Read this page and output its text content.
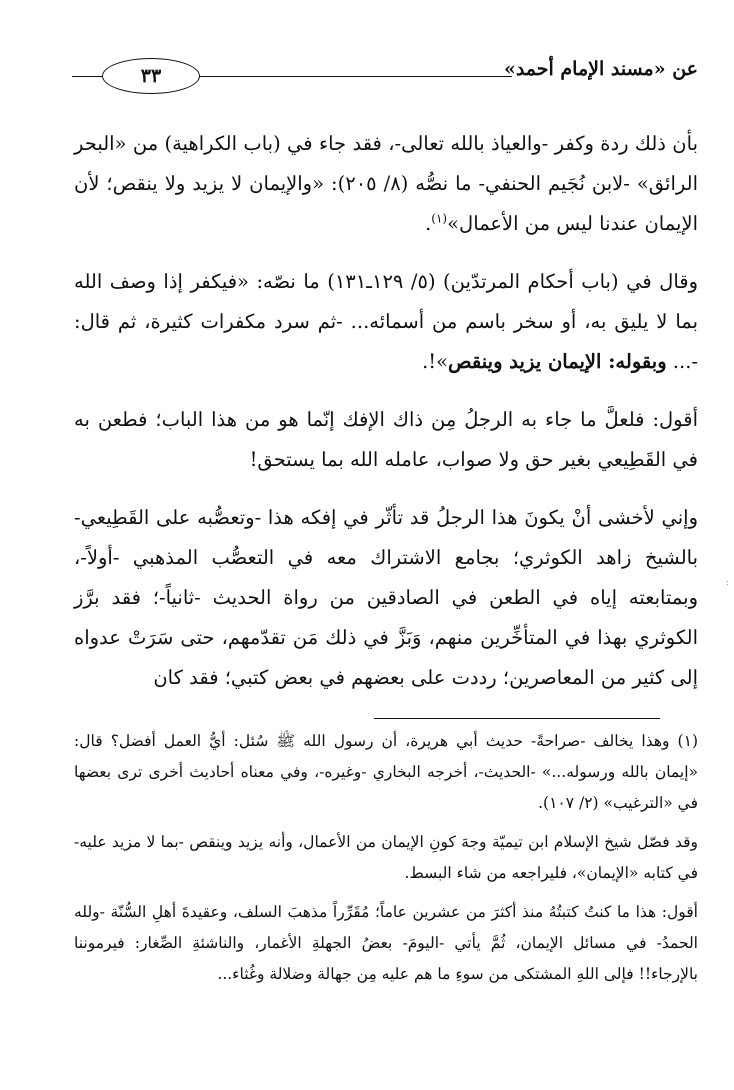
عن «مسند الإمام أحمد»
٣٣

بأن ذلك ردة وكفر -والعياذ بالله تعالى-، فقد جاء في (باب الكراهية) من «البحر الرائق» -لابن نُجَيم الحنفي- ما نصُّه (٨/ ٢٠٥): «والإيمان لا يزيد ولا ينقص؛ لأن الإيمان عندنا ليس من الأعمال»$^{(١)}$.

وقال في (باب أحكام المرتدّين) (٥/ ١٢٩ـ١٣١) ما نصّه: «فيكفر إذا وصف الله بما لا يليق به، أو سخر باسم من أسمائه... -ثم سرد مكفرات كثيرة، ثم قال: -... وبقوله: الإيمان يزيد وينقص»!.

أقول: فلعلَّ ما جاء به الرجلُ مِن ذاك الإفك إنّما هو من هذا الباب؛ فطعن به في القَطِيعي بغير حق ولا صواب، عامله الله بما يستحق!

وإني لأخشى أنْ يكونَ هذا الرجلُ قد تأثّر في إفكه هذا -وتعصُّبه على القَطِيعي- بالشيخ زاهد الكوثري؛ بجامع الاشتراك معه في التعصُّب المذهبي -أولاً-، وبمتابعته إياه في الطعن في الصادقين من رواة الحديث -ثانياً-؛ فقد برَّز الكوثري بهذا في المتأخِّرين منهم، وَبَزَّ في ذلك مَن تقدّمهم، حتى سَرَتْ عدواه إلى كثير من المعاصرين؛ رددت على بعضهم في بعض كتبي؛ فقد كان

(١) وهذا يخالف -صراحةً- حديث أبي هريرة، أن رسول الله ﷺ سُئل: أيُّ العمل أفضل؟ قال: «إيمان بالله ورسوله...» -الحديث-، أخرجه البخاري -وغيره-، وفي معناه أحاديث أخرى ترى بعضها في «الترغيب» (٢/ ١٠٧).

وقد فصّل شيخ الإسلام ابن تيميّة وجهَ كونِ الإيمان من الأعمال، وأنه يزيد وينقص -بما لا مزيد عليه- في كتابه «الإيمان»، فليراجعه من شاء البسط.

أقول: هذا ما كنتُ كتبتُهُ منذ أكثرَ من عشرين عاماً؛ مُقَرِّراً مذهبَ السلف، وعقيدةَ أهلِ السُّنّة -ولله الحمدُ- في مسائل الإيمان، ثُمَّ يأتي -اليومَ- بعضُ الجهلةِ الأغمار، والناشئةِ الصِّغار: فيرموننا بالإرجاء!! فإلى اللهِ المشتكى من سوءِ ما هم عليه مِن جهالة وضلالة وغُثاء...

:
